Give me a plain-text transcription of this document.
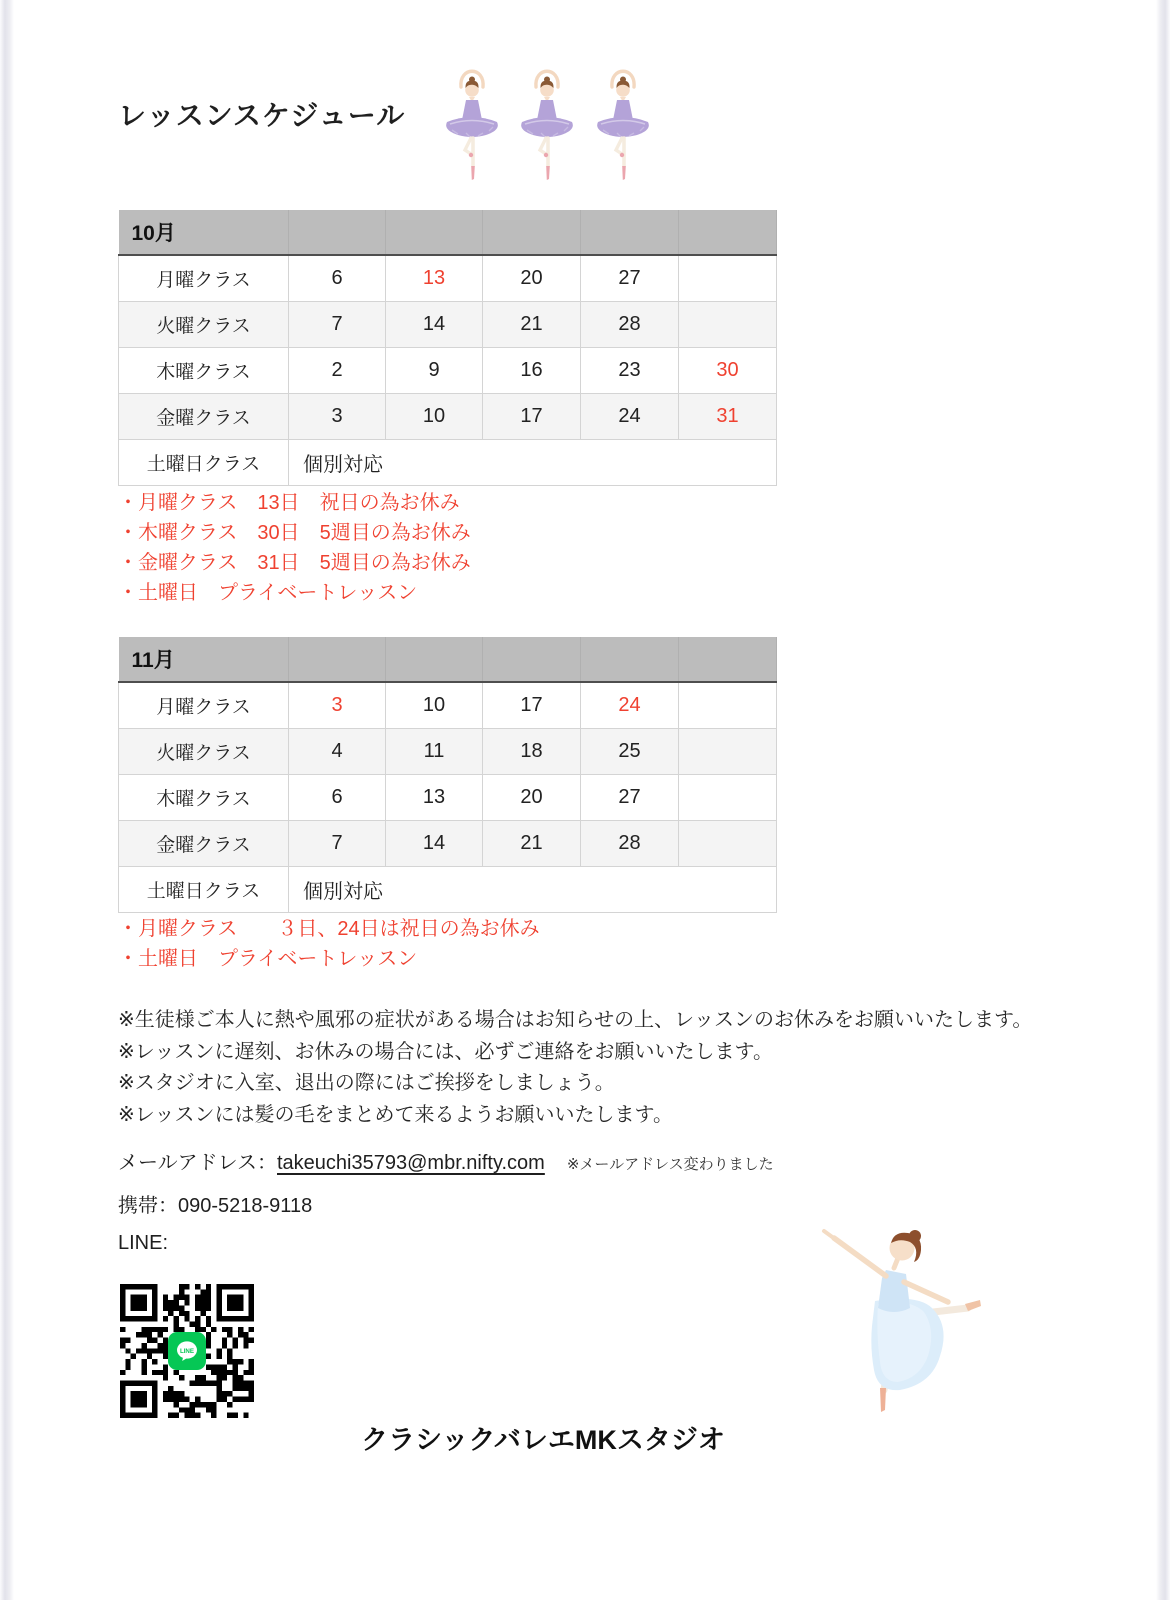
レッスンスケジュール

10月					
月曜クラス	6	13	20	27	
火曜クラス	7	14	21	28	
木曜クラス	2	9	16	23	30
金曜クラス	3	10	17	24	31
土曜日クラス	個別対応				
・月曜クラス　13日　祝日の為お休み
・木曜クラス　30日　5週目の為お休み
・金曜クラス　31日　5週目の為お休み
・土曜日　プライベートレッスン
11月					
月曜クラス	3	10	17	24	
火曜クラス	4	11	18	25	
木曜クラス	6	13	20	27	
金曜クラス	7	14	21	28	
土曜日クラス	個別対応				
・月曜クラス　　３日、24日は祝日の為お休み
・土曜日　プライベートレッスン
※生徒様ご本人に熱や風邪の症状がある場合はお知らせの上、レッスンのお休みをお願いいたします。
※レッスンに遅刻、お休みの場合には、必ずご連絡をお願いいたします。
※スタジオに入室、退出の際にはご挨拶をしましょう。
※レッスンには髪の毛をまとめて来るようお願いいたします。
メールアドレス：takeuchi35793@mbr.nifty.com ※メールアドレス変わりました
携帯：090-5218-9118
LINE:
LINE
クラシックバレエMKスタジオ
